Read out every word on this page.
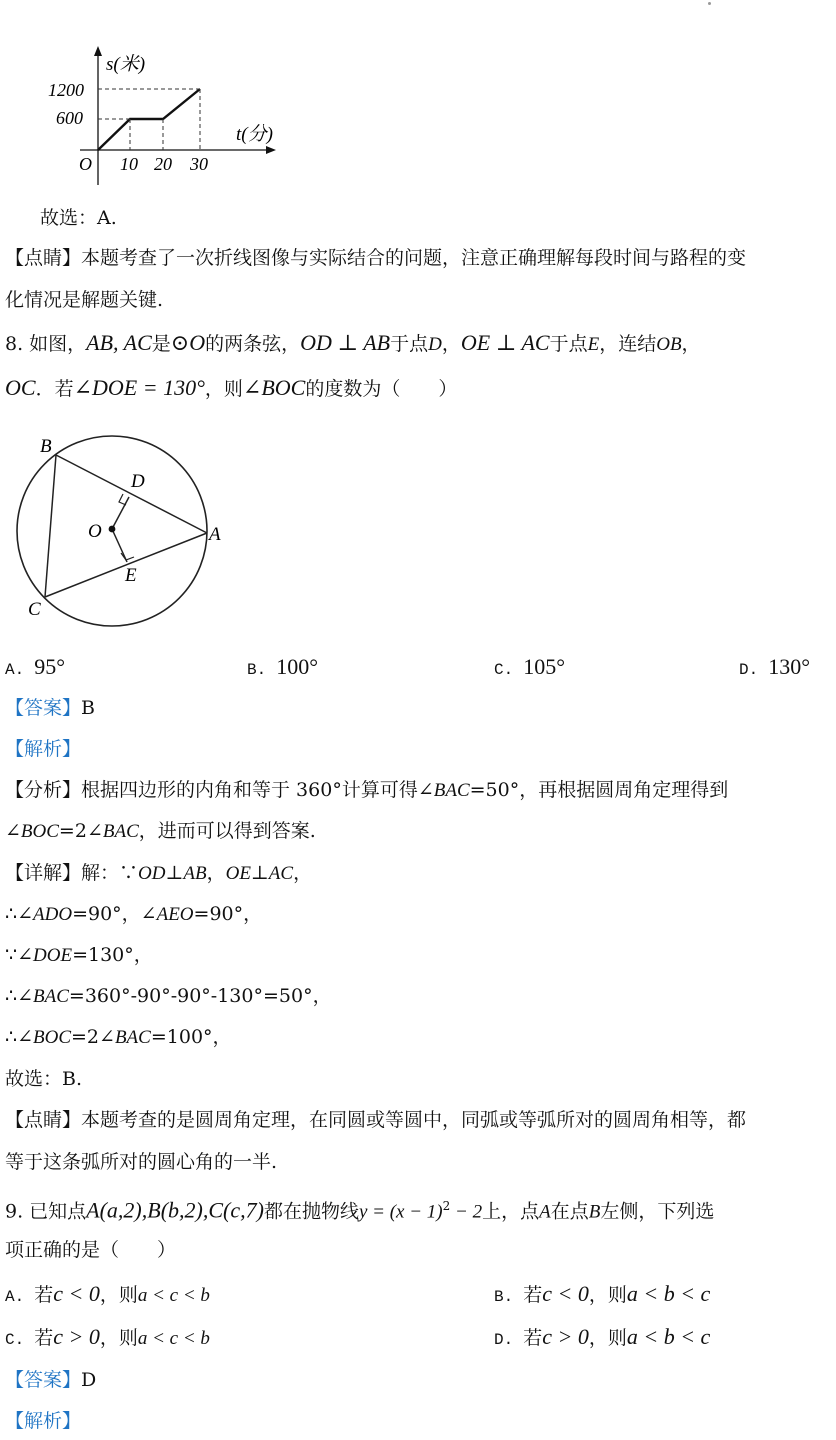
s(米)
t(分)
1200
600
O 10 20 30
故选：A.
【点睛】本题考查了一次折线图像与实际结合的问题，注意正确理解每段时间与路程的变
化情况是解题关键.
8. 如图，AB, AC是⊙O的两条弦，OD ⊥ AB于点D，OE ⊥ AC于点E，连结OB，
OC．若∠DOE = 130°，则∠BOC的度数为（　　）
B
D
O	A
E
C
A. 95°	B. 100°	C. 105°	D. 130°
【答案】B
【解析】
【分析】根据四边形的内角和等于 360°计算可得∠BAC=50°，再根据圆周角定理得到
∠BOC=2∠BAC，进而可以得到答案.
【详解】解：∵OD⊥AB，OE⊥AC，
∴∠ADO=90°，∠AEO=90°，
∵∠DOE=130°，
∴∠BAC=360°-90°-90°-130°=50°，
∴∠BOC=2∠BAC=100°，
故选：B.
【点睛】本题考查的是圆周角定理，在同圆或等圆中，同弧或等弧所对的圆周角相等，都
等于这条弧所对的圆心角的一半.
9. 已知点A(a,2),B(b,2),C(c,7)都在抛物线$y = (x - 1)^2 - 2$上，点A在点B左侧，下列选
项正确的是（　　）
A. 若c < 0，则a < c < b	B. 若c < 0，则a < b < c
C. 若c > 0，则a < c < b	D. 若c > 0，则a < b < c
【答案】D
【解析】
